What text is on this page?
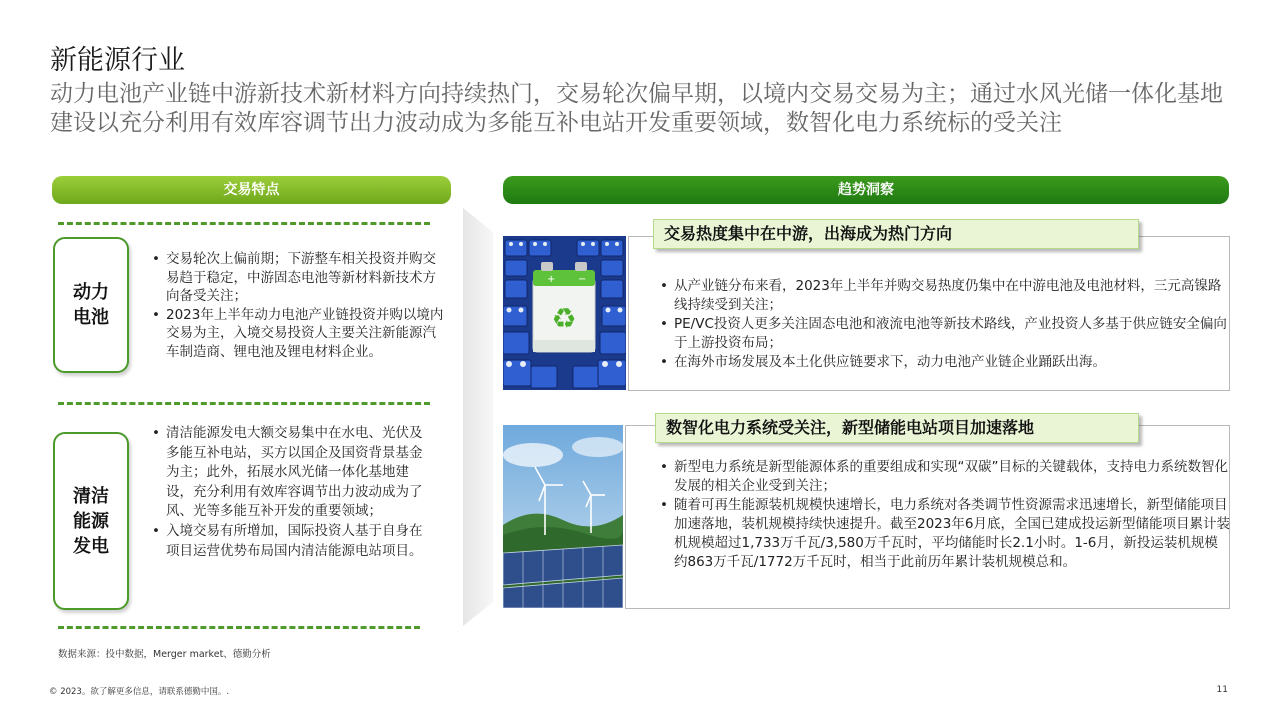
新能源行业
动力电池产业链中游新技术新材料方向持续热门，交易轮次偏早期，以境内交易交易为主；通过水风光储一体化基地建设以充分利用有效库容调节出力波动成为多能互补电站开发重要领域，数智化电力系统标的受关注
交易特点	趋势洞察
动力
电池
• 交易轮次上偏前期；下游整车相关投资并购交易趋于稳定，中游固态电池等新材料新技术方向备受关注；
• 2023年上半年动力电池产业链投资并购以境内交易为主，入境交易投资人主要关注新能源汽车制造商、锂电池及锂电材料企业。
清洁
能源
发电
• 清洁能源发电大额交易集中在水电、光伏及多能互补电站，买方以国企及国资背景基金为主；此外，拓展水风光储一体化基地建设，充分利用有效库容调节出力波动成为了风、光等多能互补开发的重要领域；
• 入境交易有所增加，国际投资人基于自身在项目运营优势布局国内清洁能源电站项目。
+ −
♻
交易热度集中在中游，出海成为热门方向
数智化电力系统受关注，新型储能电站项目加速落地
• 从产业链分布来看，2023年上半年并购交易热度仍集中在中游电池及电池材料，三元高镍路线持续受到关注；
• PE/VC投资人更多关注固态电池和液流电池等新技术路线，产业投资人多基于供应链安全偏向于上游投资布局；
• 在海外市场发展及本土化供应链要求下，动力电池产业链企业踊跃出海。
• 新型电力系统是新型能源体系的重要组成和实现“双碳”目标的关键载体，支持电力系统数智化发展的相关企业受到关注；
• 随着可再生能源装机规模快速增长，电力系统对各类调节性资源需求迅速增长，新型储能项目加速落地，装机规模持续快速提升。截至2023年6月底，全国已建成投运新型储能项目累计装机规模超过1,733万千瓦/3,580万千瓦时，平均储能时长2.1小时。1-6月，新投运装机规模约863万千瓦/1772万千瓦时，相当于此前历年累计装机规模总和。
数据来源：投中数据，Merger market、德勤分析
© 2023。欲了解更多信息，请联系德勤中国。.	11
